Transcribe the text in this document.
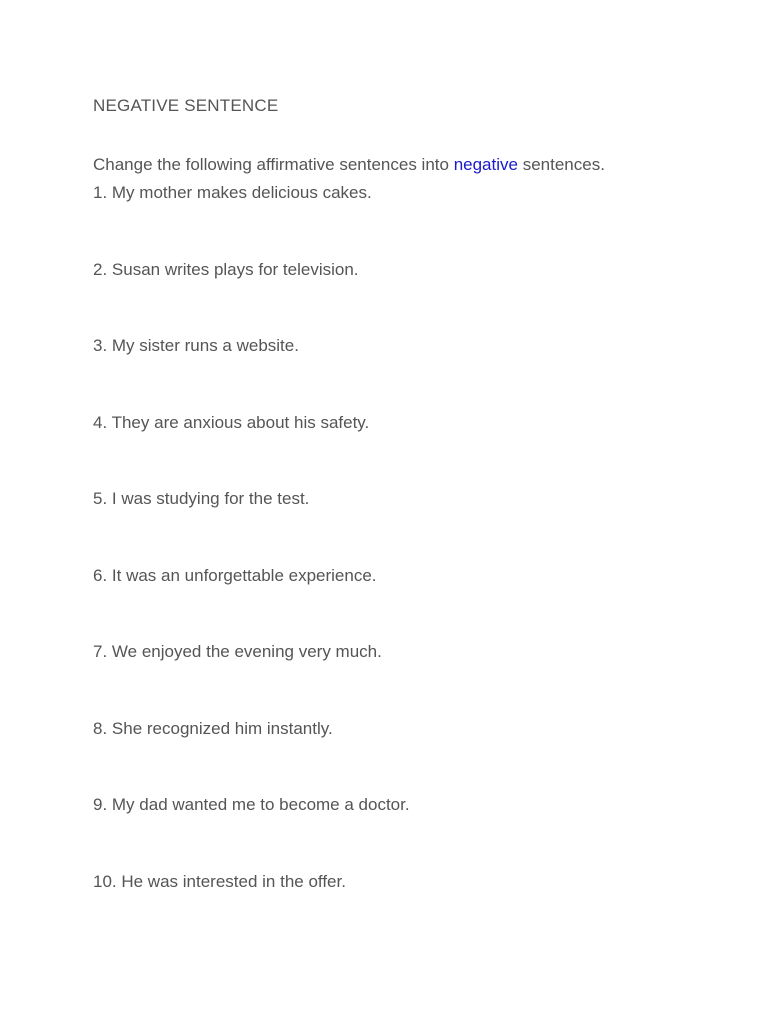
NEGATIVE SENTENCE
Change the following affirmative sentences into negative sentences.
1. My mother makes delicious cakes.
2. Susan writes plays for television.
3. My sister runs a website.
4. They are anxious about his safety.
5. I was studying for the test.
6. It was an unforgettable experience.
7. We enjoyed the evening very much.
8. She recognized him instantly.
9. My dad wanted me to become a doctor.
10. He was interested in the offer.
